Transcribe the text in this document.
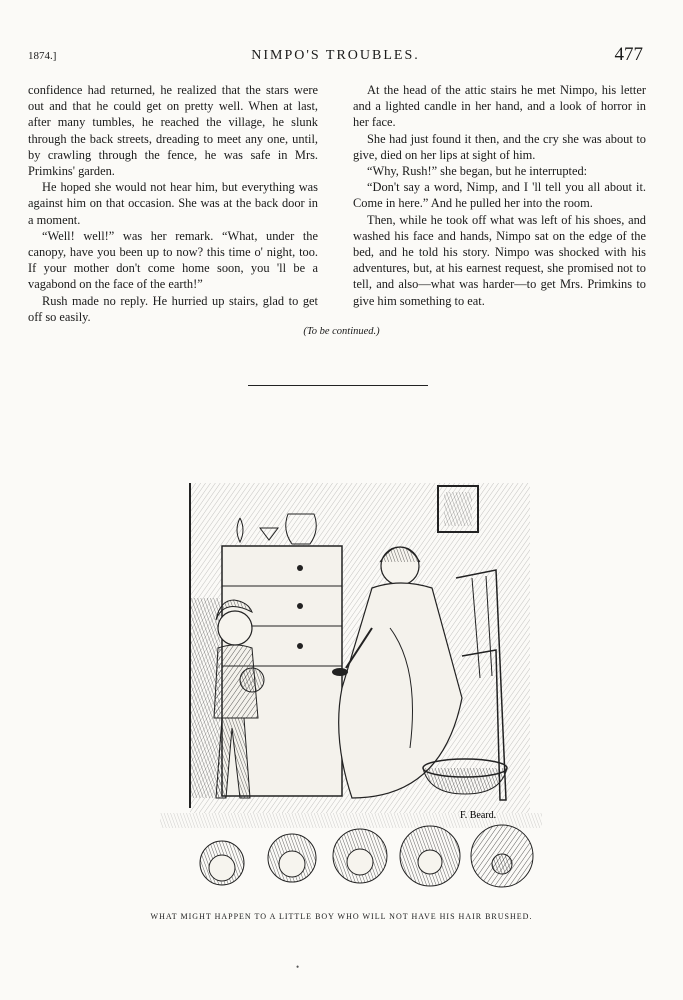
1874.]	NIMPO'S TROUBLES.	477

confidence had returned, he realized that the stars were out and that he could get on pretty well. When at last, after many tumbles, he reached the village, he slunk through the back streets, dreading to meet any one, until, by crawling through the fence, he was safe in Mrs. Primkins' garden.

He hoped she would not hear him, but everything was against him on that occasion. She was at the back door in a moment.

“Well! well!” was her remark. “What, under the canopy, have you been up to now? this time o' night, too. If your mother don't come home soon, you 'll be a vagabond on the face of the earth!”

Rush made no reply. He hurried up stairs, glad to get off so easily.

At the head of the attic stairs he met Nimpo, his letter and a lighted candle in her hand, and a look of horror in her face.

She had just found it then, and the cry she was about to give, died on her lips at sight of him.

“Why, Rush!” she began, but he interrupted:

“Don't say a word, Nimp, and I 'll tell you all about it. Come in here.” And he pulled her into the room.

Then, while he took off what was left of his shoes, and washed his face and hands, Nimpo sat on the edge of the bed, and he told his story. Nimpo was shocked with his adventures, but, at his earnest request, she promised not to tell, and also—what was harder—to get Mrs. Primkins to give him something to eat.

(To be continued.)
F. Beard.
WHAT MIGHT HAPPEN TO A LITTLE BOY WHO WILL NOT HAVE HIS HAIR BRUSHED.
•
